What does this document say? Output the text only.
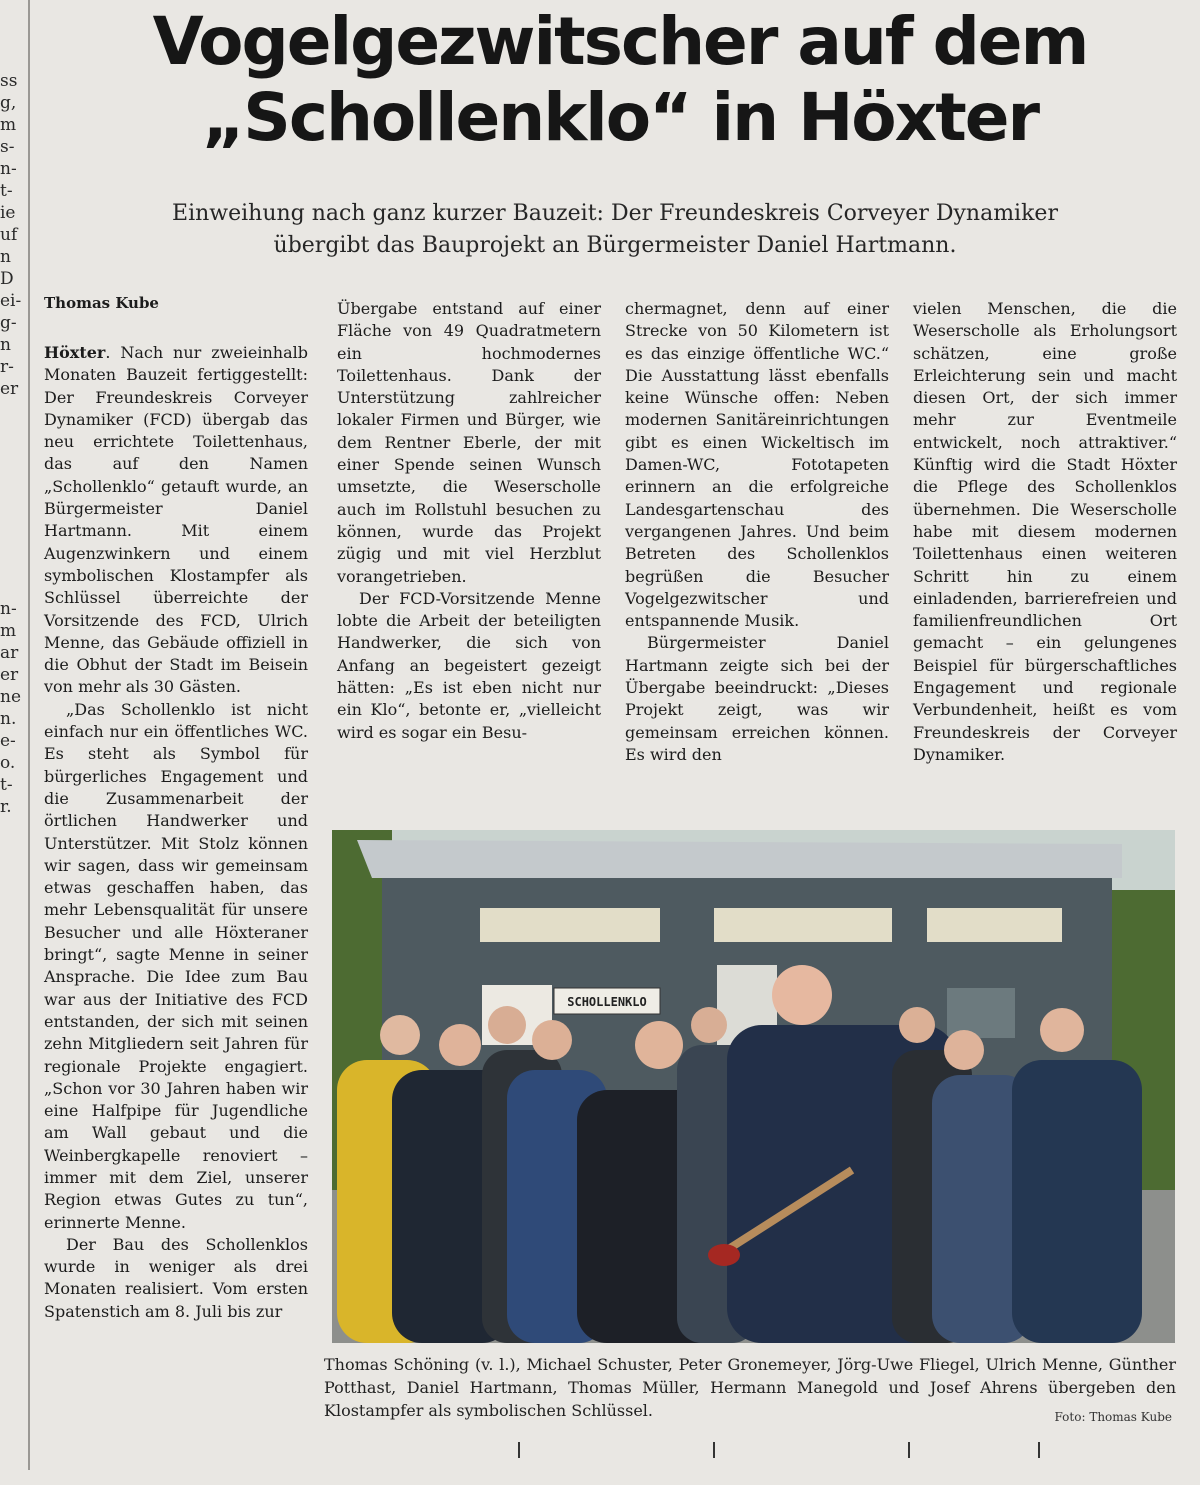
ss
g,
m
s-
n-
t-
ie
uf
n
D
ei-
g-
n
r-
er
n-
m
ar
er
ne
n.
e-
o.
t-
r.
Vogelgezwitscher auf dem
„Schollenklo“ in Höxter
Einweihung nach ganz kurzer Bauzeit: Der Freundeskreis Corveyer Dynamiker
übergibt das Bauprojekt an Bürgermeister Daniel Hartmann.
Thomas Kube

Höxter. Nach nur zweieinhalb Monaten Bauzeit fertiggestellt: Der Freundeskreis Corveyer Dynamiker (FCD) übergab das neu errichtete Toilettenhaus, das auf den Namen „Schollenklo“ getauft wurde, an Bürgermeister Daniel Hartmann. Mit einem Augenzwinkern und einem symbolischen Klostampfer als Schlüssel überreichte der Vorsitzende des FCD, Ulrich Menne, das Gebäude offiziell in die Obhut der Stadt im Beisein von mehr als 30 Gästen.

„Das Schollenklo ist nicht einfach nur ein öffentliches WC. Es steht als Symbol für bürgerliches Engagement und die Zusammenarbeit der örtlichen Handwerker und Unterstützer. Mit Stolz können wir sagen, dass wir gemeinsam etwas geschaffen haben, das mehr Lebensqualität für unsere Besucher und alle Höxteraner bringt“, sagte Menne in seiner Ansprache. Die Idee zum Bau war aus der Initiative des FCD entstanden, der sich mit seinen zehn Mitgliedern seit Jahren für regionale Projekte engagiert. „Schon vor 30 Jahren haben wir eine Halfpipe für Jugendliche am Wall gebaut und die Weinbergkapelle renoviert – immer mit dem Ziel, unserer Region etwas Gutes zu tun“, erinnerte Menne.

Der Bau des Schollenklos wurde in weniger als drei Monaten realisiert. Vom ersten Spatenstich am 8. Juli bis zur

Übergabe entstand auf einer Fläche von 49 Quadratmetern ein hochmodernes Toilettenhaus. Dank der Unterstützung zahlreicher lokaler Firmen und Bürger, wie dem Rentner Eberle, der mit einer Spende seinen Wunsch umsetzte, die Weserscholle auch im Rollstuhl besuchen zu können, wurde das Projekt zügig und mit viel Herzblut vorangetrieben.

Der FCD-Vorsitzende Menne lobte die Arbeit der beteiligten Handwerker, die sich von Anfang an begeistert gezeigt hätten: „Es ist eben nicht nur ein Klo“, betonte er, „vielleicht wird es sogar ein Besu-

chermagnet, denn auf einer Strecke von 50 Kilometern ist es das einzige öffentliche WC.“ Die Ausstattung lässt ebenfalls keine Wünsche offen: Neben modernen Sanitäreinrichtungen gibt es einen Wickeltisch im Damen-WC, Fototapeten erinnern an die erfolgreiche Landesgartenschau des vergangenen Jahres. Und beim Betreten des Schollenklos begrüßen die Besucher Vogelgezwitscher und entspannende Musik.

Bürgermeister Daniel Hartmann zeigte sich bei der Übergabe beeindruckt: „Dieses Projekt zeigt, was wir gemeinsam erreichen können. Es wird den

vielen Menschen, die die Weserscholle als Erholungsort schätzen, eine große Erleichterung sein und macht diesen Ort, der sich immer mehr zur Eventmeile entwickelt, noch attraktiver.“ Künftig wird die Stadt Höxter die Pflege des Schollenklos übernehmen. Die Weserscholle habe mit diesem modernen Toilettenhaus einen weiteren Schritt hin zu einem einladenden, barrierefreien und familienfreundlichen Ort gemacht – ein gelungenes Beispiel für bürgerschaftliches Engagement und regionale Verbundenheit, heißt es vom Freundeskreis der Corveyer Dynamiker.

SCHOLLENKLO
Thomas Schöning (v. l.), Michael Schuster, Peter Gronemeyer, Jörg-Uwe Fliegel, Ulrich Menne, Günther Potthast, Daniel Hartmann, Thomas Müller, Hermann Manegold und Josef Ahrens übergeben den Klostampfer als symbolischen Schlüssel.	Foto: Thomas Kube
